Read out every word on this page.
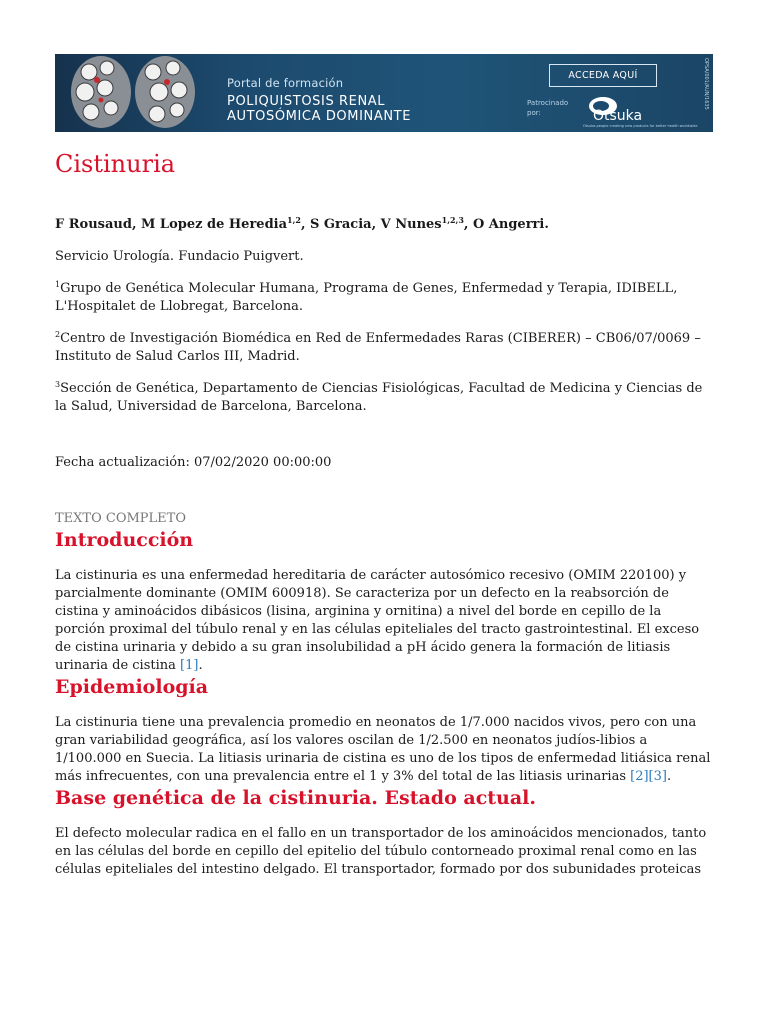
Portal de formación
POLIQUISTOSIS RENAL
AUTOSÓMICA DOMINANTE
ACCEDA AQUÍ
Patrocinado por:	Otsuka
Otsuka-people creating new products for better health worldwide
OPSA/001/AUN/1635
Cistinuria

F Rousaud, M Lopez de Heredia$^{1,2}$, S Gracia, V Nunes$^{1,2,3}$, O Angerri.

Servicio Urología. Fundacio Puigvert.

$^1$Grupo de Genética Molecular Humana, Programa de Genes, Enfermedad y Terapia, IDIBELL, L'Hospitalet de Llobregat, Barcelona.

$^2$Centro de Investigación Biomédica en Red de Enfermedades Raras (CIBERER) – CB06/07/0069 – Instituto de Salud Carlos III, Madrid.

$^3$Sección de Genética, Departamento de Ciencias Fisiológicas, Facultad de Medicina y Ciencias de la Salud, Universidad de Barcelona, Barcelona.

Fecha actualización: 07/02/2020 00:00:00

TEXTO COMPLETO

Introducción

La cistinuria es una enfermedad hereditaria de carácter autosómico recesivo (OMIM 220100) y parcialmente dominante (OMIM 600918). Se caracteriza por un defecto en la reabsorción de cistina y aminoácidos dibásicos (lisina, arginina y ornitina) a nivel del borde en cepillo de la porción proximal del túbulo renal y en las células epiteliales del tracto gastrointestinal. El exceso de cistina urinaria y debido a su gran insolubilidad a pH ácido genera la formación de litiasis urinaria de cistina [1].

Epidemiología

La cistinuria tiene una prevalencia promedio en neonatos de 1/7.000 nacidos vivos, pero con una gran variabilidad geográfica, así los valores oscilan de 1/2.500 en neonatos judíos-libios a 1/100.000 en Suecia. La litiasis urinaria de cistina es uno de los tipos de enfermedad litiásica renal más infrecuentes, con una prevalencia entre el 1 y 3% del total de las litiasis urinarias [2][3].

Base genética de la cistinuria. Estado actual.

El defecto molecular radica en el fallo en un transportador de los aminoácidos mencionados, tanto en las células del borde en cepillo del epitelio del túbulo contorneado proximal renal como en las células epiteliales del intestino delgado. El transportador, formado por dos subunidades proteicas
